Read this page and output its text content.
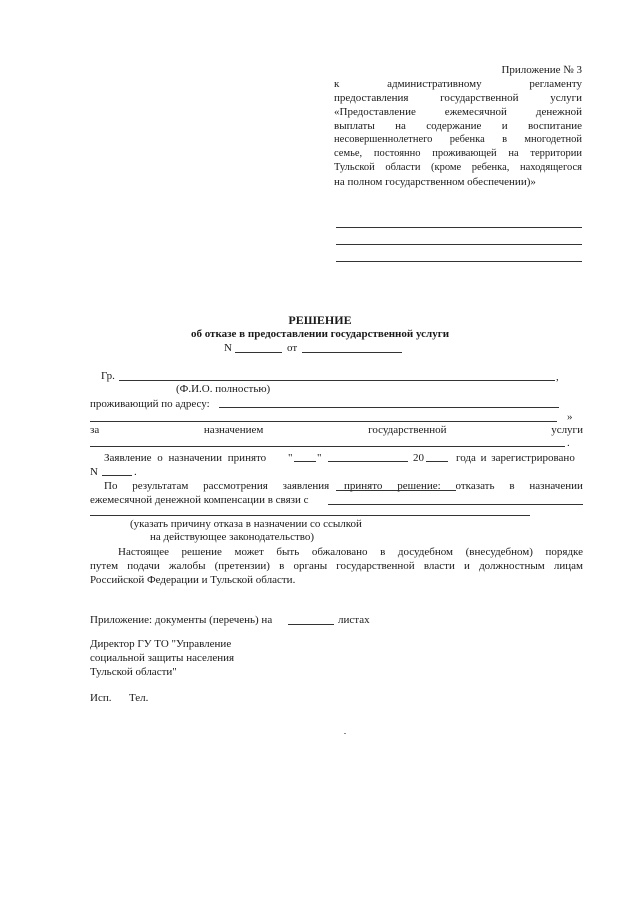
Приложение № 3
к административному регламенту
предоставления государственной услуги
«Предоставление ежемесячной денежной
выплаты на содержание и воспитание
несовершеннолетнего ребенка в многодетной
семье, постоянно проживающей на территории
Тульской области (кроме ребенка, находящегося
на полном государственном обеспечении)»
РЕШЕНИЕ
об отказе в предоставлении государственной услуги
N	от
Гр.	,
(Ф.И.О. полностью)
проживающий по адресу:
»
за	назначением	государственной	услуги
.
Заявление о назначении принято	" "	20	года и зарегистрировано
N	.
По результатам рассмотрения заявления принято решение: отказать в назначении
ежемесячной денежной компенсации в связи с
(указать причину отказа в назначении со ссылкой
на действующее законодательство)
Настоящее решение может быть обжаловано в досудебном (внесудебном) порядке
путем подачи жалобы (претензии) в органы государственной власти и должностным лицам
Российской Федерации и Тульской области.
Приложение: документы (перечень) на	листах
Директор ГУ ТО "Управление
социальной защиты населения
Тульской области"
Исп. Тел.
